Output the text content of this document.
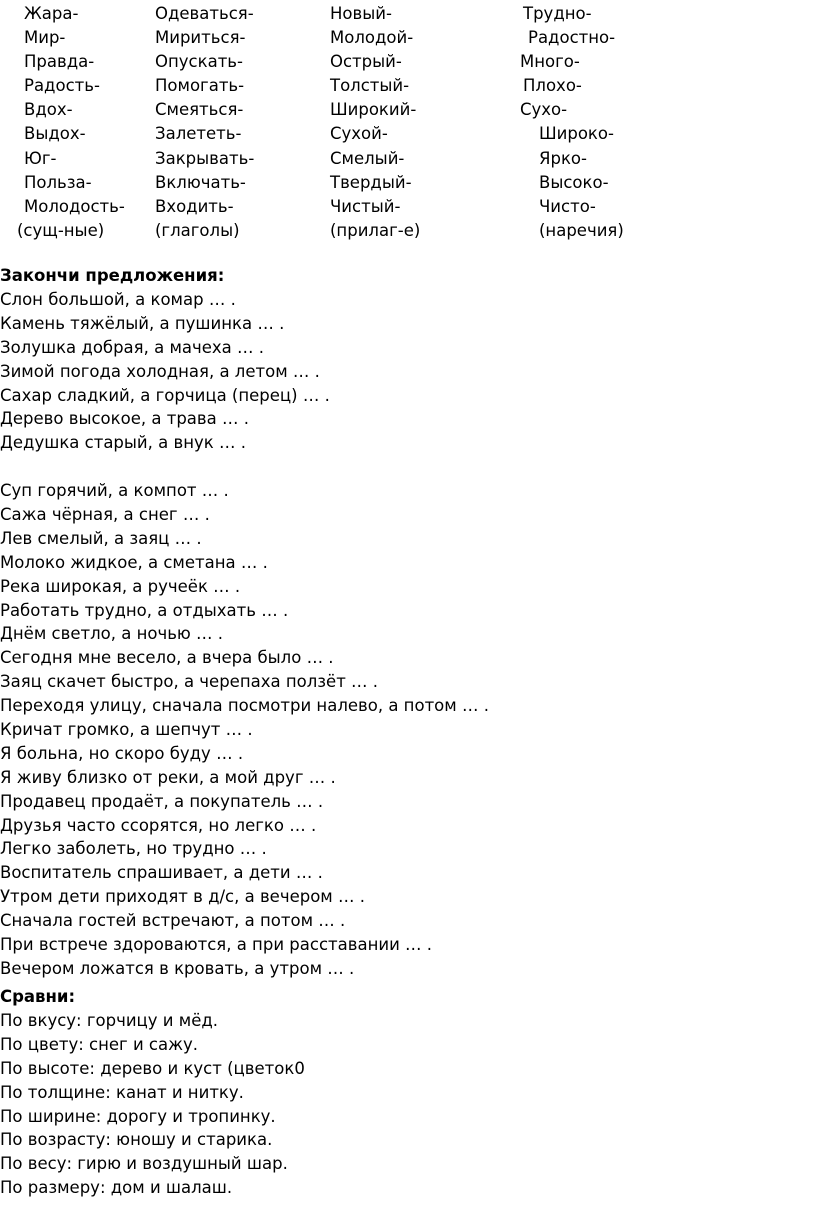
Жара-
Мир-
Правда-
Радость-
Вдох-
Выдох-
Юг-
Польза-
Молодость-
(сущ-ные)
Одеваться-
Мириться-
Опускать-
Помогать-
Смеяться-
Залететь-
Закрывать-
Включать-
Входить-
(глаголы)
Новый-
Молодой-
Острый-
Толстый-
Широкий-
Сухой-
Смелый-
Твердый-
Чистый-
(прилаг-е)
Трудно-
Радостно-
Много-
Плохо-
Сухо-
Широко-
Ярко-
Высоко-
Чисто-
(наречия)
Закончи предложения:
Слон большой, а комар … .
Камень тяжёлый, а пушинка … .
Золушка добрая, а мачеха … .
Зимой погода холодная, а летом … .
Сахар сладкий, а горчица (перец) … .
Дерево высокое, а трава … .
Дедушка старый, а внук … .
Суп горячий, а компот … .
Сажа чёрная, а снег … .
Лев смелый, а заяц … .
Молоко жидкое, а сметана … .
Река широкая, а ручеёк … .
Работать трудно, а отдыхать … .
Днём светло, а ночью … .
Сегодня мне весело, а вчера было … .
Заяц скачет быстро, а черепаха ползёт … .
Переходя улицу, сначала посмотри налево, а потом … .
Кричат громко, а шепчут … .
Я больна, но скоро буду … .
Я живу близко от реки, а мой друг … .
Продавец продаёт, а покупатель … .
Друзья часто ссорятся, но легко … .
Легко заболеть, но трудно … .
Воспитатель спрашивает, а дети … .
Утром дети приходят в д/с, а вечером … .
Сначала гостей встречают, а потом … .
При встрече здороваются, а при расставании … .
Вечером ложатся в кровать, а утром … .
Сравни:
По вкусу: горчицу и мёд.
По цвету: снег и сажу.
По высоте: дерево и куст (цветок0
По толщине: канат и нитку.
По ширине: дорогу и тропинку.
По возрасту: юношу и старика.
По весу: гирю и воздушный шар.
По размеру: дом и шалаш.
